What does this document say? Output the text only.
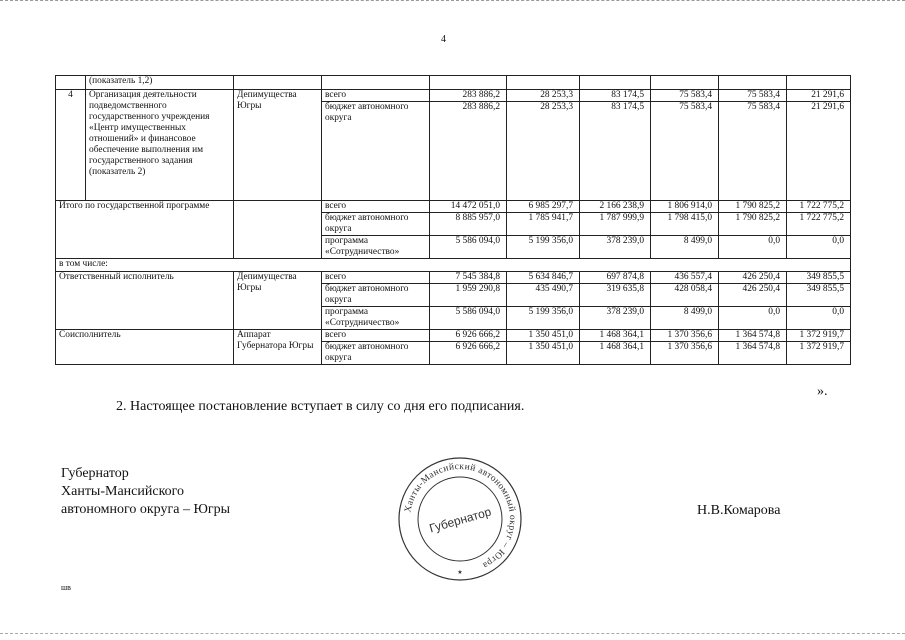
4
	(показатель 1,2)								
4	Организация деятельности подведомственного государственного учреждения «Центр имущественных отношений» и финансовое обеспечение выполнения им государственного задания (показатель 2)	Депимущества Югры	всего	283 886,2	28 253,3	83 174,5	75 583,4	75 583,4	21 291,6
			бюджет автономного округа	283 886,2	28 253,3	83 174,5	75 583,4	75 583,4	21 291,6
Итого по государственной программе			всего	14 472 051,0	6 985 297,7	2 166 238,9	1 806 914,0	1 790 825,2	1 722 775,2
			бюджет автономного округа	8 885 957,0	1 785 941,7	1 787 999,9	1 798 415,0	1 790 825,2	1 722 775,2
			программа «Сотрудничество»	5 586 094,0	5 199 356,0	378 239,0	8 499,0	0,0	0,0
в том числе:									
Ответственный исполнитель		Депимущества Югры	всего	7 545 384,8	5 634 846,7	697 874,8	436 557,4	426 250,4	349 855,5
			бюджет автономного округа	1 959 290,8	435 490,7	319 635,8	428 058,4	426 250,4	349 855,5
			программа «Сотрудничество»	5 586 094,0	5 199 356,0	378 239,0	8 499,0	0,0	0,0
Соисполнитель		Аппарат Губернатора Югры	всего	6 926 666,2	1 350 451,0	1 468 364,1	1 370 356,6	1 364 574,8	1 372 919,7
			бюджет автономного округа	6 926 666,2	1 350 451,0	1 468 364,1	1 370 356,6	1 364 574,8	1 372 919,7
».
2. Настоящее постановление вступает в силу со дня его подписания.
Губернатор
Ханты-Мансийского
автономного округа – Югры	Ханты-Мансийский автономный округ – Югра
Губернатор
★
Н.В.Комарова
шв
